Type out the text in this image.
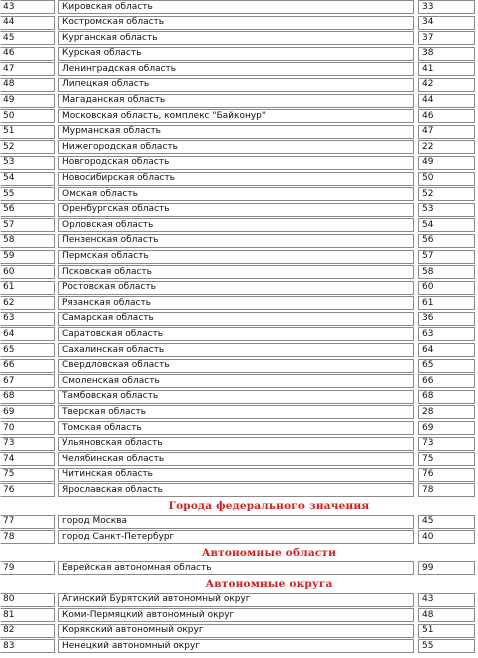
43	Кировская область	33
44	Костромская область	34
45	Курганская область	37
46	Курская область	38
47	Ленинградская область	41
48	Липецкая область	42
49	Магаданская область	44
50	Московская область, комплекс "Байконур"	46
51	Мурманская область	47
52	Нижегородская область	22
53	Новгородская область	49
54	Новосибирская область	50
55	Омская область	52
56	Оренбургская область	53
57	Орловская область	54
58	Пензенская область	56
59	Пермская область	57
60	Псковская область	58
61	Ростовская область	60
62	Рязанская область	61
63	Самарская область	36
64	Саратовская область	63
65	Сахалинская область	64
66	Свердловская область	65
67	Смоленская область	66
68	Тамбовская область	68
69	Тверская область	28
70	Томская область	69
73	Ульяновская область	73
74	Челябинская область	75
75	Читинская область	76
76	Ярославская область	78
Города федерального значения
77	город Москва	45
78	город Санкт-Петербург	40
Автономные области
79	Еврейская автономная область	99
Автономные округа
80	Агинский Бурятский автономный округ	43
81	Коми-Пермяцкий автономный округ	48
82	Корякский автономный округ	51
83	Ненецкий автономный округ	55
